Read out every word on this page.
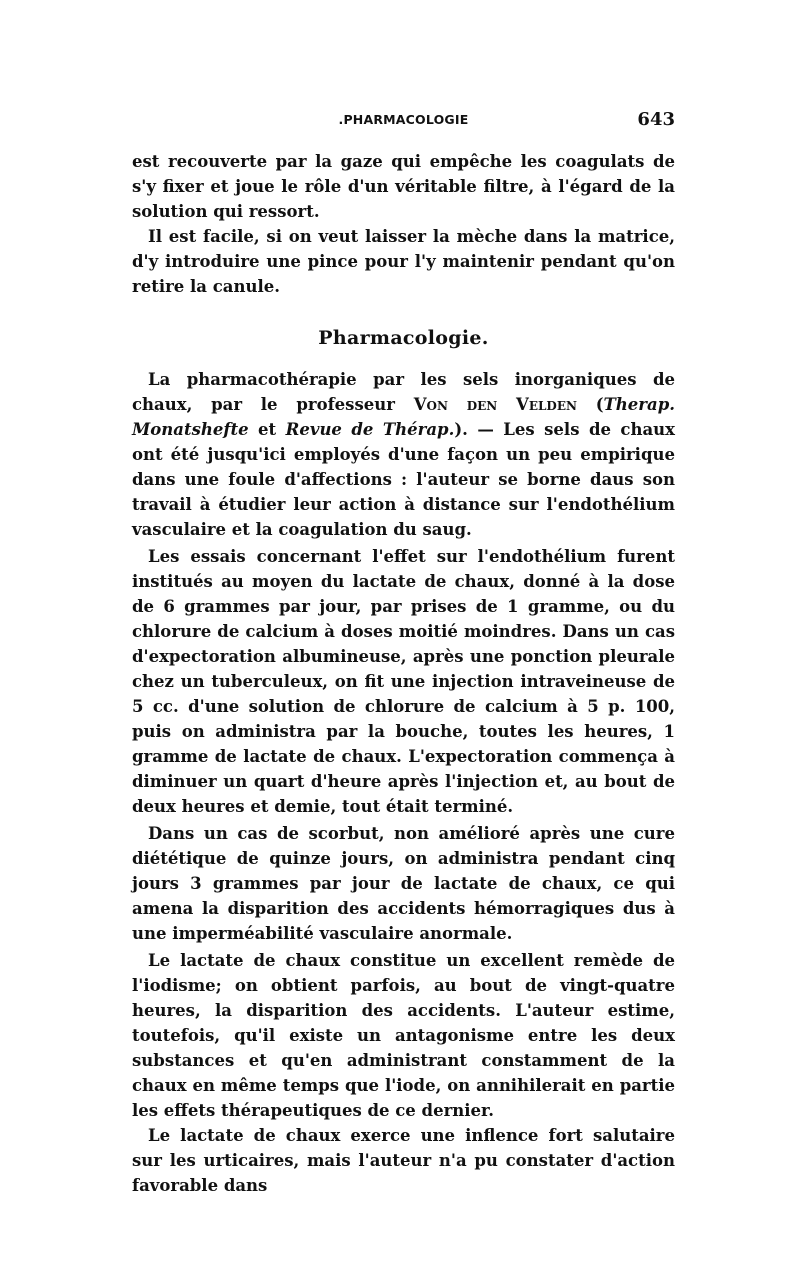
.PHARMACOLOGIE	643

est recouverte par la gaze qui empêche les coagulats de s'y fixer et joue le rôle d'un véritable filtre, à l'égard de la solution qui ressort.

Il est facile, si on veut laisser la mèche dans la matrice, d'y introduire une pince pour l'y maintenir pendant qu'on retire la canule.

Pharmacologie.

La pharmacothérapie par les sels inorganiques de chaux, par le professeur Von den Velden (Therap. Monatshefte et Revue de Thérap.). — Les sels de chaux ont été jusqu'ici employés d'une façon un peu empirique dans une foule d'affections : l'auteur se borne daus son travail à étudier leur action à distance sur l'endothélium vasculaire et la coagulation du saug.

Les essais concernant l'effet sur l'endothélium furent institués au moyen du lactate de chaux, donné à la dose de 6 grammes par jour, par prises de 1 gramme, ou du chlorure de calcium à doses moitié moindres. Dans un cas d'expectoration albumineuse, après une ponction pleurale chez un tuberculeux, on fit une injection intraveineuse de 5 cc. d'une solution de chlorure de calcium à 5 p. 100, puis on administra par la bouche, toutes les heures, 1 gramme de lactate de chaux. L'expectoration commença à diminuer un quart d'heure après l'injection et, au bout de deux heures et demie, tout était terminé.

Dans un cas de scorbut, non amélioré après une cure diététique de quinze jours, on administra pendant cinq jours 3 grammes par jour de lactate de chaux, ce qui amena la disparition des accidents hémorragiques dus à une imperméabilité vasculaire anormale.

Le lactate de chaux constitue un excellent remède de l'iodisme; on obtient parfois, au bout de vingt-quatre heures, la disparition des accidents. L'auteur estime, toutefois, qu'il existe un antagonisme entre les deux substances et qu'en administrant constamment de la chaux en même temps que l'iode, on annihilerait en partie les effets thérapeutiques de ce dernier.

Le lactate de chaux exerce une inflence fort salutaire sur les urticaires, mais l'auteur n'a pu constater d'action favorable dans
